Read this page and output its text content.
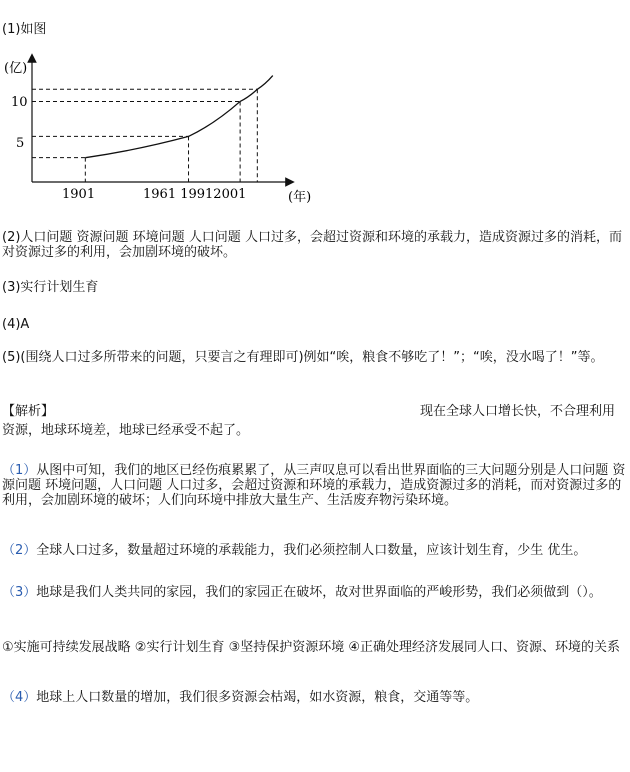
(1)如图
(亿)
10
5
1901	1961 19912001	(年)
(2)人口问题 资源问题 环境问题 人口问题 人口过多，会超过资源和环境的承载力，造成资源过多的消耗，而对资源过多的利用，会加剧环境的破坏。
(3)实行计划生育
(4)A
(5)(围绕人口过多所带来的问题，只要言之有理即可)例如“唉，粮食不够吃了！”；“唉，没水喝了！”等。
【解析】	现在全球人口增长快，不合理利用
资源，地球环境差，地球已经承受不起了。
（1）从图中可知，我们的地区已经伤痕累累了，从三声叹息可以看出世界面临的三大问题分别是人口问题 资源问题 环境问题，人口问题 人口过多，会超过资源和环境的承载力，造成资源过多的消耗，而对资源过多的利用，会加剧环境的破坏；人们向环境中排放大量生产、生活废弃物污染环境。
（2）全球人口过多，数量超过环境的承载能力，我们必须控制人口数量，应该计划生育，少生 优生。
（3）地球是我们人类共同的家园，我们的家园正在破坏，故对世界面临的严峻形势，我们必须做到（）。
①实施可持续发展战略 ②实行计划生育 ③坚持保护资源环境 ④正确处理经济发展同人口、资源、环境的关系
（4）地球上人口数量的增加，我们很多资源会枯竭，如水资源，粮食，交通等等。
